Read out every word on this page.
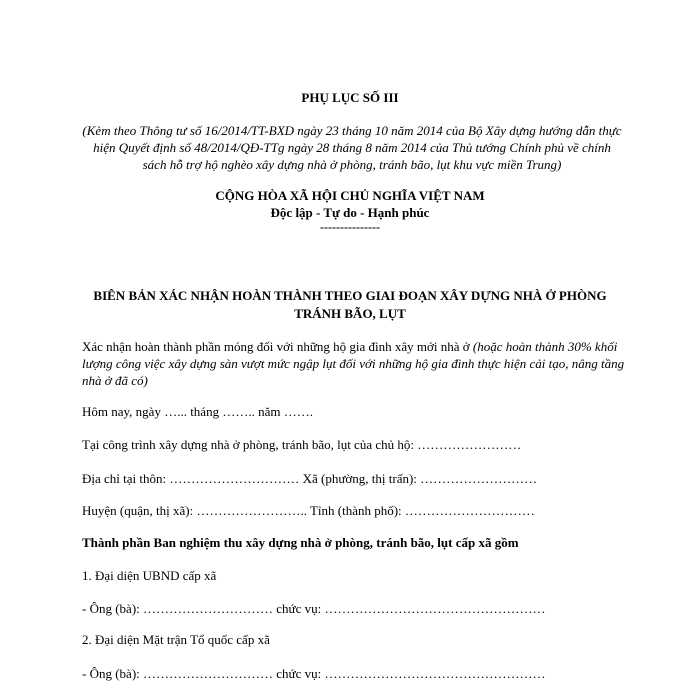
PHỤ LỤC SỐ III
(Kèm theo Thông tư số 16/2014/TT-BXD ngày 23 tháng 10 năm 2014 của Bộ Xây dựng hướng dẫn thực hiện Quyết định số 48/2014/QĐ-TTg ngày 28 tháng 8 năm 2014 của Thủ tướng Chính phủ về chính sách hỗ trợ hộ nghèo xây dựng nhà ở phòng, tránh bão, lụt khu vực miền Trung)
CỘNG HÒA XÃ HỘI CHỦ NGHĨA VIỆT NAM
Độc lập - Tự do - Hạnh phúc
---------------
BIÊN BẢN XÁC NHẬN HOÀN THÀNH THEO GIAI ĐOẠN XÂY DỰNG NHÀ Ở PHÒNG TRÁNH BÃO, LỤT
Xác nhận hoàn thành phần móng đối với những hộ gia đình xây mới nhà ở (hoặc hoàn thành 30% khối lượng công việc xây dựng sàn vượt mức ngập lụt đối với những hộ gia đình thực hiện cải tạo, nâng tầng nhà ở đã có)
Hôm nay, ngày …... tháng …….. năm …….
Tại công trình xây dựng nhà ở phòng, tránh bão, lụt của chủ hộ: ……………………
Địa chỉ tại thôn: ………………………… Xã (phường, thị trấn): ………………………
Huyện (quận, thị xã): …………………….. Tỉnh (thành phố): …………………………
Thành phần Ban nghiệm thu xây dựng nhà ở phòng, tránh bão, lụt cấp xã gồm
1. Đại diện UBND cấp xã
- Ông (bà): ………………………… chức vụ: ……………………………………………
2. Đại diện Mặt trận Tổ quốc cấp xã
- Ông (bà): ………………………… chức vụ: ……………………………………………
